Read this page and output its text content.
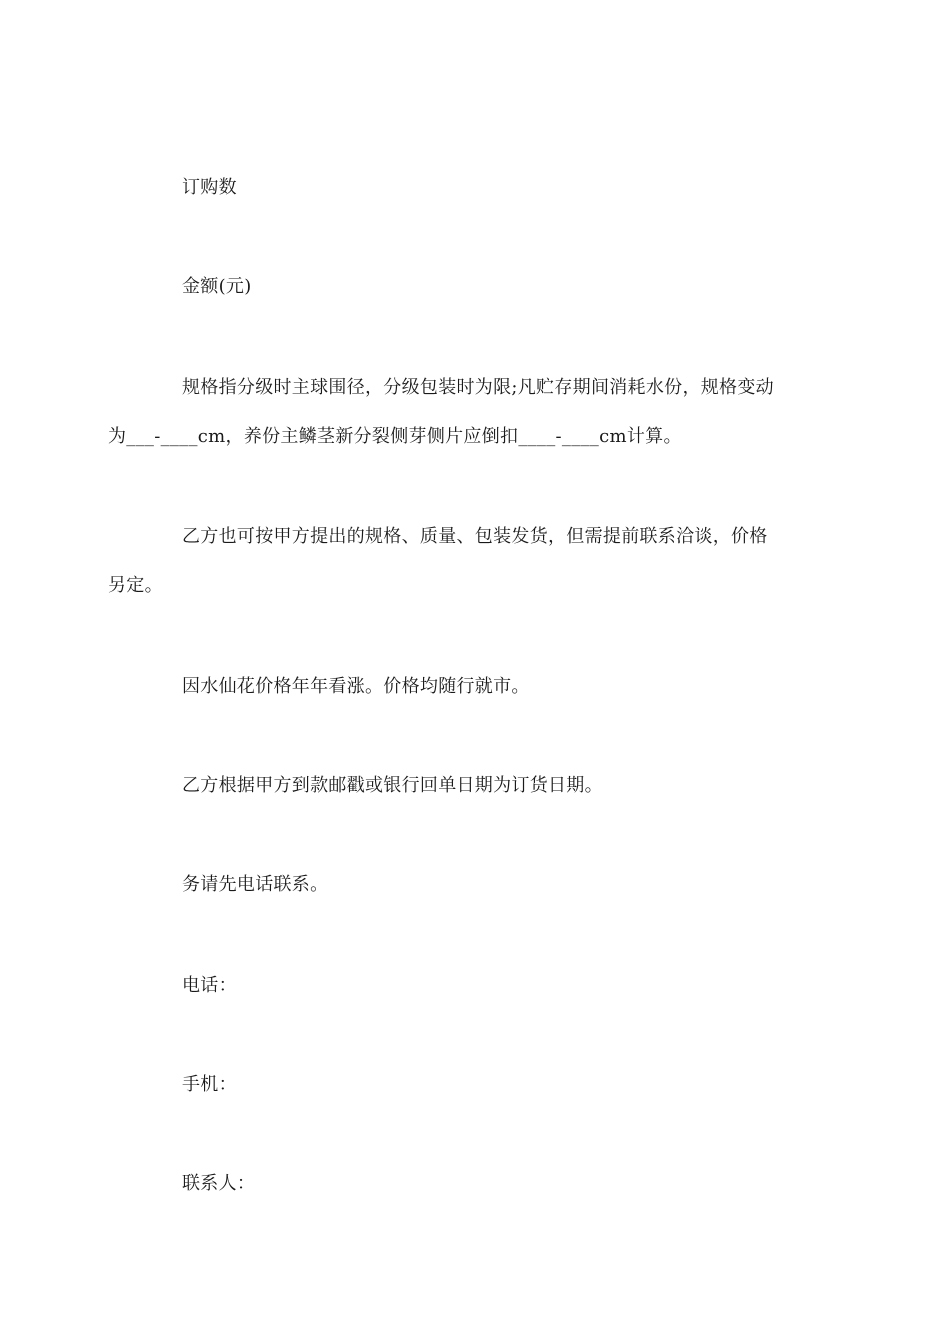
订购数

金额(元)

规格指分级时主球围径，分级包装时为限;凡贮存期间消耗水份，规格变动
为___-____cm，养份主鳞茎新分裂侧芽侧片应倒扣____-____cm计算。

乙方也可按甲方提出的规格、质量、包装发货，但需提前联系洽谈，价格
另定。

因水仙花价格年年看涨。价格均随行就市。

乙方根据甲方到款邮戳或银行回单日期为订货日期。

务请先电话联系。

电话：

手机：

联系人：
